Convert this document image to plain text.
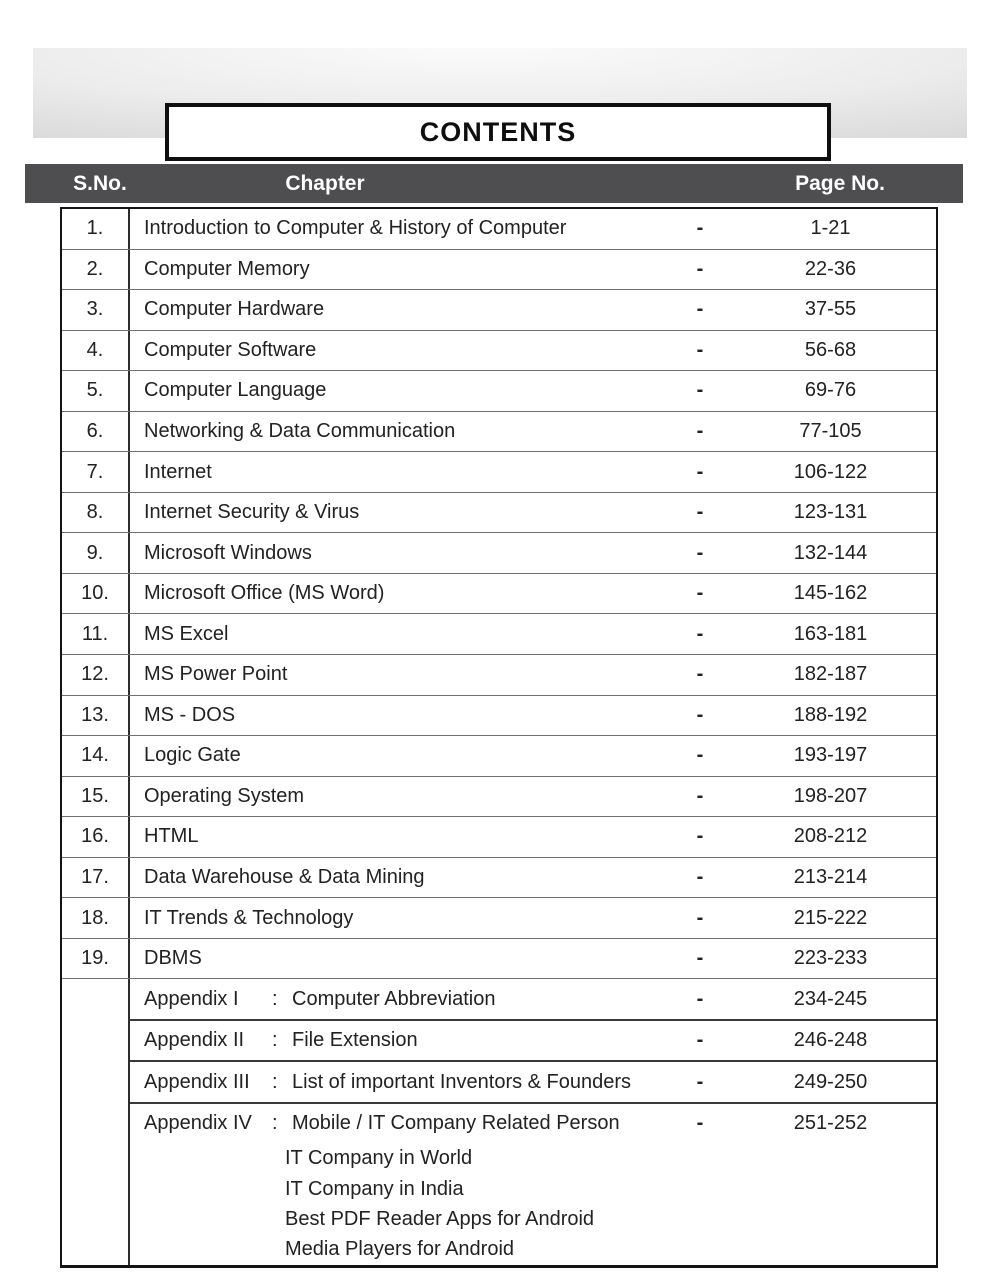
CONTENTS
S.No.	Chapter	Page No.
1.	Introduction to Computer & History of Computer	-	1-21
2.	Computer Memory	-	22-36
3.	Computer Hardware	-	37-55
4.	Computer Software	-	56-68
5.	Computer Language	-	69-76
6.	Networking & Data Communication	-	77-105
7.	Internet	-	106-122
8.	Internet Security & Virus	-	123-131
9.	Microsoft Windows	-	132-144
10.	Microsoft Office (MS Word)	-	145-162
11.	MS Excel	-	163-181
12.	MS Power Point	-	182-187
13.	MS - DOS	-	188-192
14.	Logic Gate	-	193-197
15.	Operating System	-	198-207
16.	HTML	-	208-212
17.	Data Warehouse & Data Mining	-	213-214
18.	IT Trends & Technology	-	215-222
19.	DBMS	-	223-233
Appendix I	: Computer Abbreviation	-	234-245
Appendix II	: File Extension	-	246-248
Appendix III	: List of important Inventors & Founders	-	249-250
Appendix IV	: Mobile / IT Company Related Person	-	251-252
IT Company in World
IT Company in India
Best PDF Reader Apps for Android
Media Players for Android
